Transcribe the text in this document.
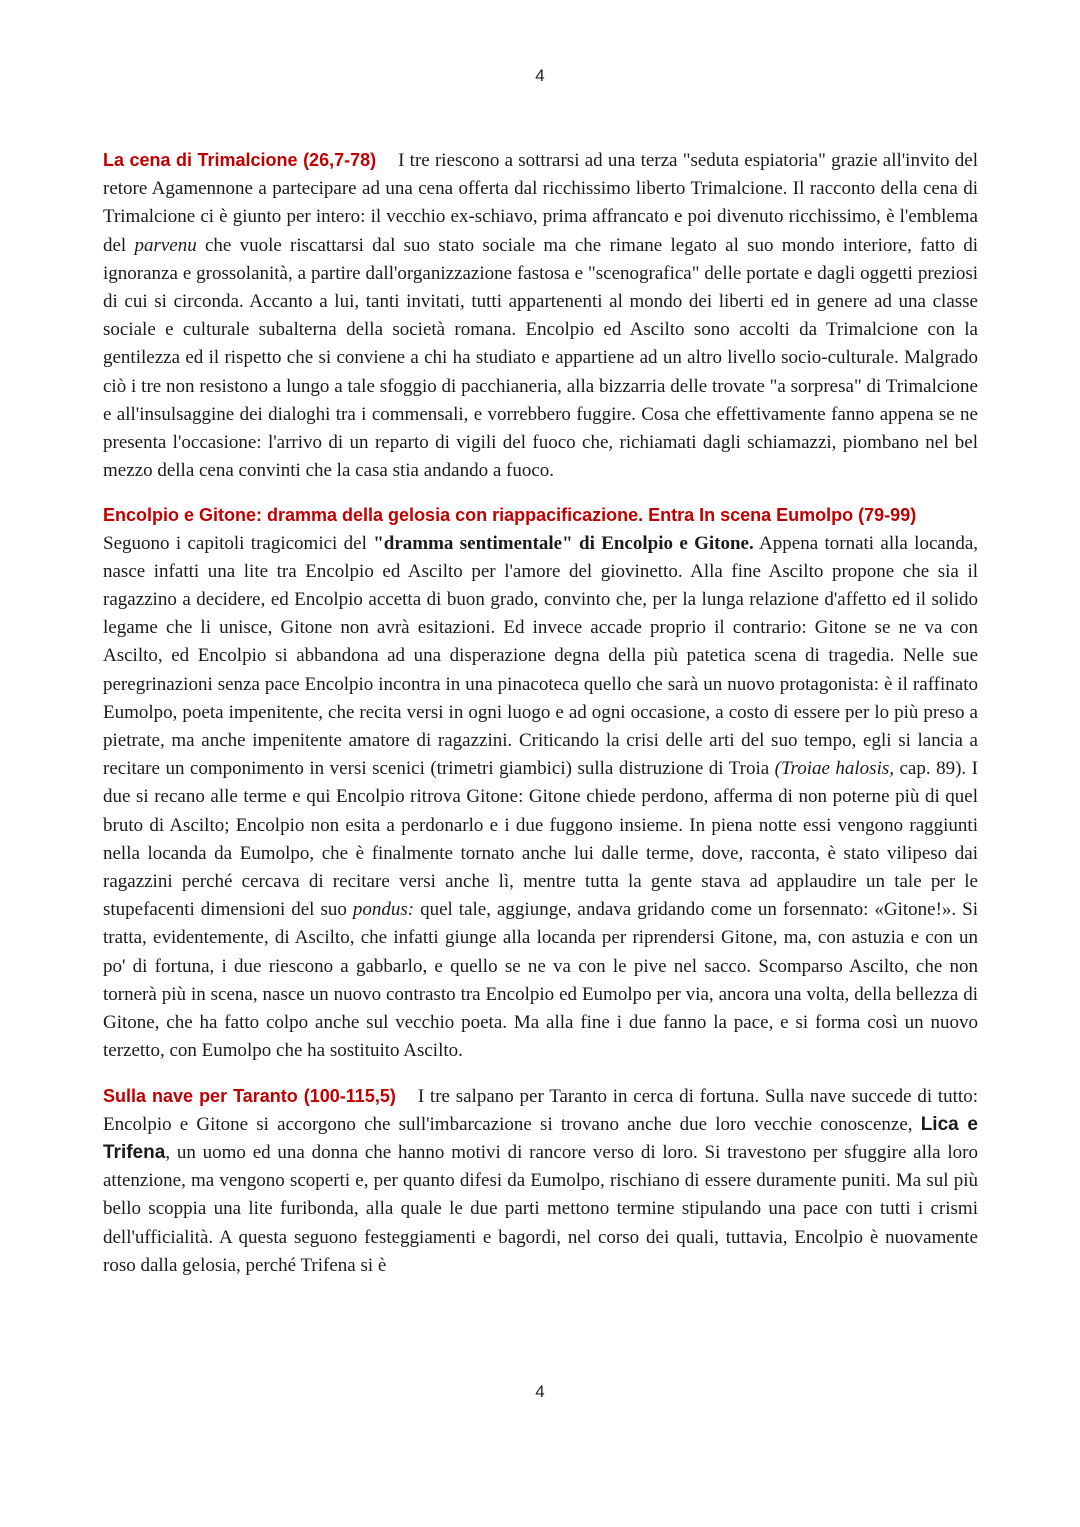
4

La cena di Trimalcione (26,7-78) I tre riescono a sottrarsi ad una terza "seduta espiatoria" grazie all'invito del retore Agamennone a partecipare ad una cena offerta dal ricchissimo liberto Trimalcione. Il racconto della cena di Trimalcione ci è giunto per intero: il vecchio ex-schiavo, prima affrancato e poi divenuto ricchissimo, è l'emblema del parvenu che vuole riscattarsi dal suo stato sociale ma che rimane legato al suo mondo interiore, fatto di ignoranza e grossolanità, a partire dall'organizzazione fastosa e "scenografica" delle portate e dagli oggetti preziosi di cui si circonda. Accanto a lui, tanti invitati, tutti appartenenti al mondo dei liberti ed in genere ad una classe sociale e culturale subalterna della società romana. Encolpio ed Ascilto sono accolti da Trimalcione con la gentilezza ed il rispetto che si conviene a chi ha studiato e appartiene ad un altro livello socio-culturale. Malgrado ciò i tre non resistono a lungo a tale sfoggio di pacchianeria, alla bizzarria delle trovate "a sorpresa" di Trimalcione e all'insulsaggine dei dialoghi tra i commensali, e vorrebbero fuggire. Cosa che effettivamente fanno appena se ne presenta l'occasione: l'arrivo di un reparto di vigili del fuoco che, richiamati dagli schiamazzi, piombano nel bel mezzo della cena convinti che la casa stia andando a fuoco.

Encolpio e Gitone: dramma della gelosia con riappacificazione. Entra In scena Eumolpo (79-99)
Seguono i capitoli tragicomici del "dramma sentimentale" di Encolpio e Gitone. Appena tornati alla locanda, nasce infatti una lite tra Encolpio ed Ascilto per l'amore del giovinetto. Alla fine Ascilto propone che sia il ragazzino a decidere, ed Encolpio accetta di buon grado, convinto che, per la lunga relazione d'affetto ed il solido legame che li unisce, Gitone non avrà esitazioni. Ed invece accade proprio il contrario: Gitone se ne va con Ascilto, ed Encolpio si abbandona ad una disperazione degna della più patetica scena di tragedia. Nelle sue peregrinazioni senza pace Encolpio incontra in una pinacoteca quello che sarà un nuovo protagonista: è il raffinato Eumolpo, poeta impenitente, che recita versi in ogni luogo e ad ogni occasione, a costo di essere per lo più preso a pietrate, ma anche impenitente amatore di ragazzini. Criticando la crisi delle arti del suo tempo, egli si lancia a recitare un componimento in versi scenici (trimetri giambici) sulla distruzione di Troia (Troiae halosis, cap. 89). I due si recano alle terme e qui Encolpio ritrova Gitone: Gitone chiede perdono, afferma di non poterne più di quel bruto di Ascilto; Encolpio non esita a perdonarlo e i due fuggono insieme. In piena notte essi vengono raggiunti nella locanda da Eumolpo, che è finalmente tornato anche lui dalle terme, dove, racconta, è stato vilipeso dai ragazzini perché cercava di recitare versi anche lì, mentre tutta la gente stava ad applaudire un tale per le stupefacenti dimensioni del suo pondus: quel tale, aggiunge, andava gridando come un forsennato: «Gitone!». Si tratta, evidentemente, di Ascilto, che infatti giunge alla locanda per riprendersi Gitone, ma, con astuzia e con un po' di fortuna, i due riescono a gabbarlo, e quello se ne va con le pive nel sacco. Scomparso Ascilto, che non tornerà più in scena, nasce un nuovo contrasto tra Encolpio ed Eumolpo per via, ancora una volta, della bellezza di Gitone, che ha fatto colpo anche sul vecchio poeta. Ma alla fine i due fanno la pace, e si forma così un nuovo terzetto, con Eumolpo che ha sostituito Ascilto.

Sulla nave per Taranto (100-115,5) I tre salpano per Taranto in cerca di fortuna. Sulla nave succede di tutto: Encolpio e Gitone si accorgono che sull'imbarcazione si trovano anche due loro vecchie conoscenze, Lica e Trifena, un uomo ed una donna che hanno motivi di rancore verso di loro. Si travestono per sfuggire alla loro attenzione, ma vengono scoperti e, per quanto difesi da Eumolpo, rischiano di essere duramente puniti. Ma sul più bello scoppia una lite furibonda, alla quale le due parti mettono termine stipulando una pace con tutti i crismi dell'ufficialità. A questa seguono festeggiamenti e bagordi, nel corso dei quali, tuttavia, Encolpio è nuovamente roso dalla gelosia, perché Trifena si è

4
